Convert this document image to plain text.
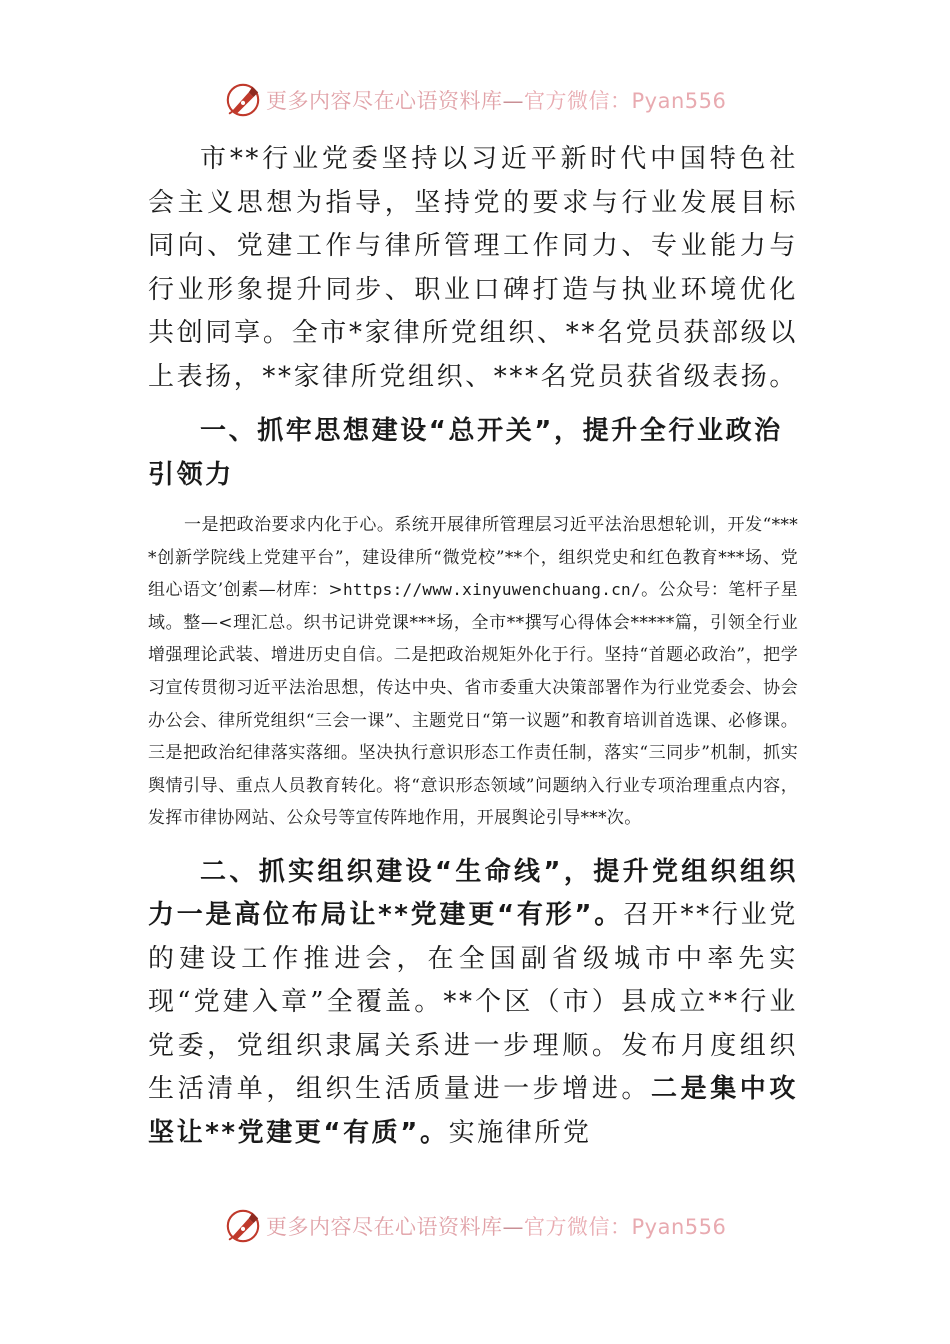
更多内容尽在心语资料库—官方微信：Pyan556

市**行业党委坚持以习近平新时代中国特色社会主义思想为指导，坚持党的要求与行业发展目标同向、党建工作与律所管理工作同力、专业能力与行业形象提升同步、职业口碑打造与执业环境优化共创同享。全市*家律所党组织、**名党员获部级以上表扬，**家律所党组织、***名党员获省级表扬。

一、抓牢思想建设“总开关”，提升全行业政治引领力

一是把政治要求内化于心。系统开展律所管理层习近平法治思想轮训，开发“****创新学院线上党建平台”，建设律所“微党校”**个，组织党史和红色教育***场、党组心语文’创素—材库：>https://www.xinyuwenchuang.cn/。公众号：笔杆子星域。整—<理汇总。织书记讲党课***场，全市**撰写心得体会*****篇，引领全行业增强理论武装、增进历史自信。二是把政治规矩外化于行。坚持“首题必政治”，把学习宣传贯彻习近平法治思想，传达中央、省市委重大决策部署作为行业党委会、协会办公会、律所党组织“三会一课”、主题党日“第一议题”和教育培训首选课、必修课。三是把政治纪律落实落细。坚决执行意识形态工作责任制，落实“三同步”机制，抓实舆情引导、重点人员教育转化。将“意识形态领域”问题纳入行业专项治理重点内容，发挥市律协网站、公众号等宣传阵地作用，开展舆论引导***次。

二、抓实组织建设“生命线”，提升党组织组织力一是高位布局让**党建更“有形”。召开**行业党的建设工作推进会，在全国副省级城市中率先实现“党建入章”全覆盖。**个区（市）县成立**行业党委，党组织隶属关系进一步理顺。发布月度组织生活清单，组织生活质量进一步增进。二是集中攻坚让**党建更“有质”。实施律所党

更多内容尽在心语资料库—官方微信：Pyan556
